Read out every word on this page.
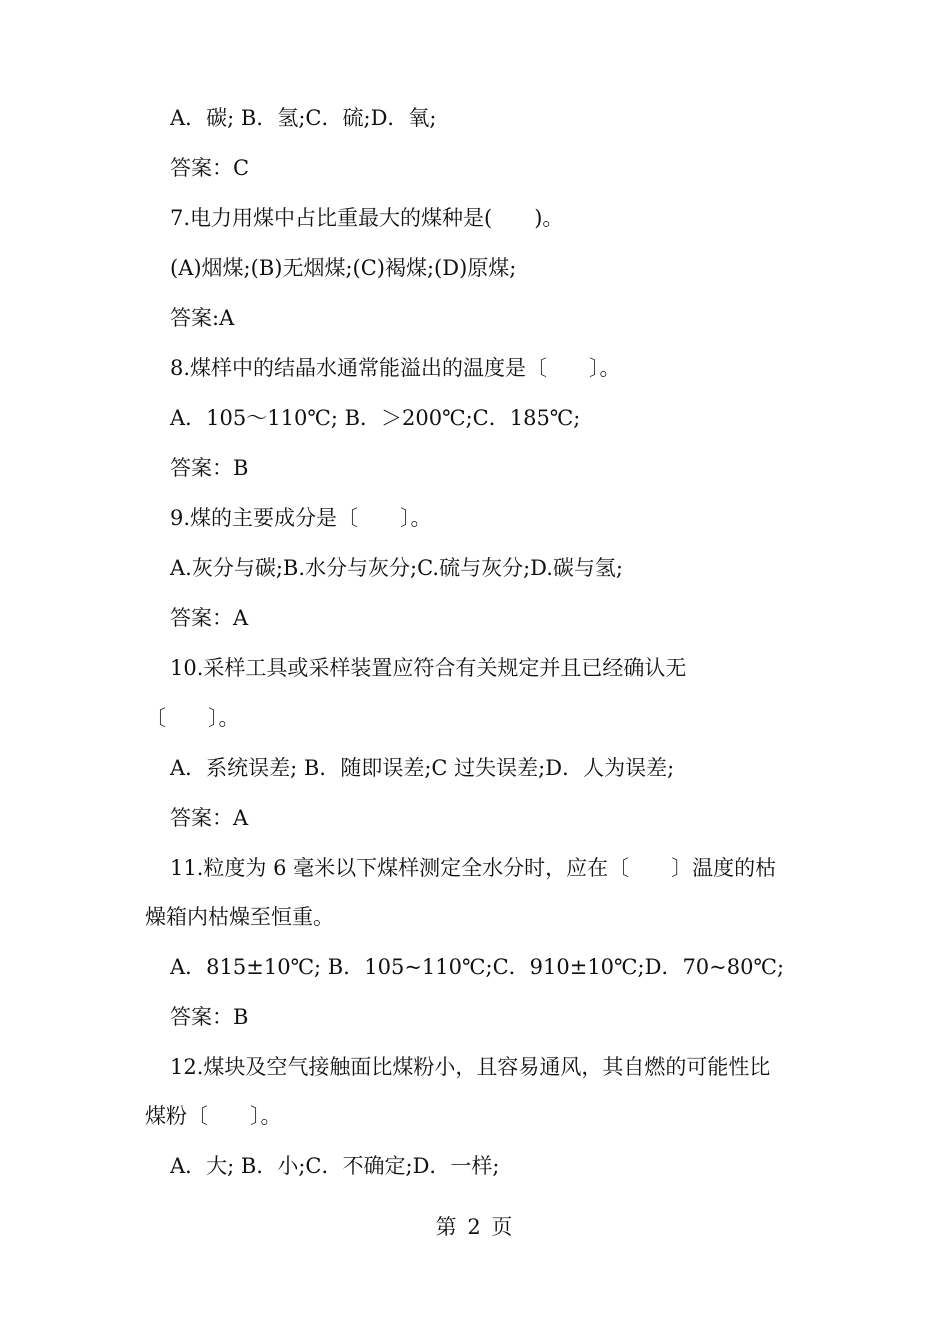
A．碳; B．氢;C．硫;D．氧;
答案：C
7.电力用煤中占比重最大的煤种是(　　)。
(A)烟煤;(B)无烟煤;(C)褐煤;(D)原煤;
答案:A
8.煤样中的结晶水通常能溢出的温度是〔　　〕。
A．105～110℃; B．＞200℃;C．185℃;
答案：B
9.煤的主要成分是〔　　〕。
A.灰分与碳;B.水分与灰分;C.硫与灰分;D.碳与氢;
答案：A
10.采样工具或采样装置应符合有关规定并且已经确认无
〔　　〕。
A．系统误差; B．随即误差;C 过失误差;D．人为误差;
答案：A
11.粒度为 6 毫米以下煤样测定全水分时，应在〔　　〕温度的枯
燥箱内枯燥至恒重。
A．815±10℃; B．105~110℃;C．910±10℃;D．70~80℃;
答案：B
12.煤块及空气接触面比煤粉小，且容易通风，其自燃的可能性比
煤粉〔　　〕。
A．大; B．小;C．不确定;D．一样;
第 2 页
